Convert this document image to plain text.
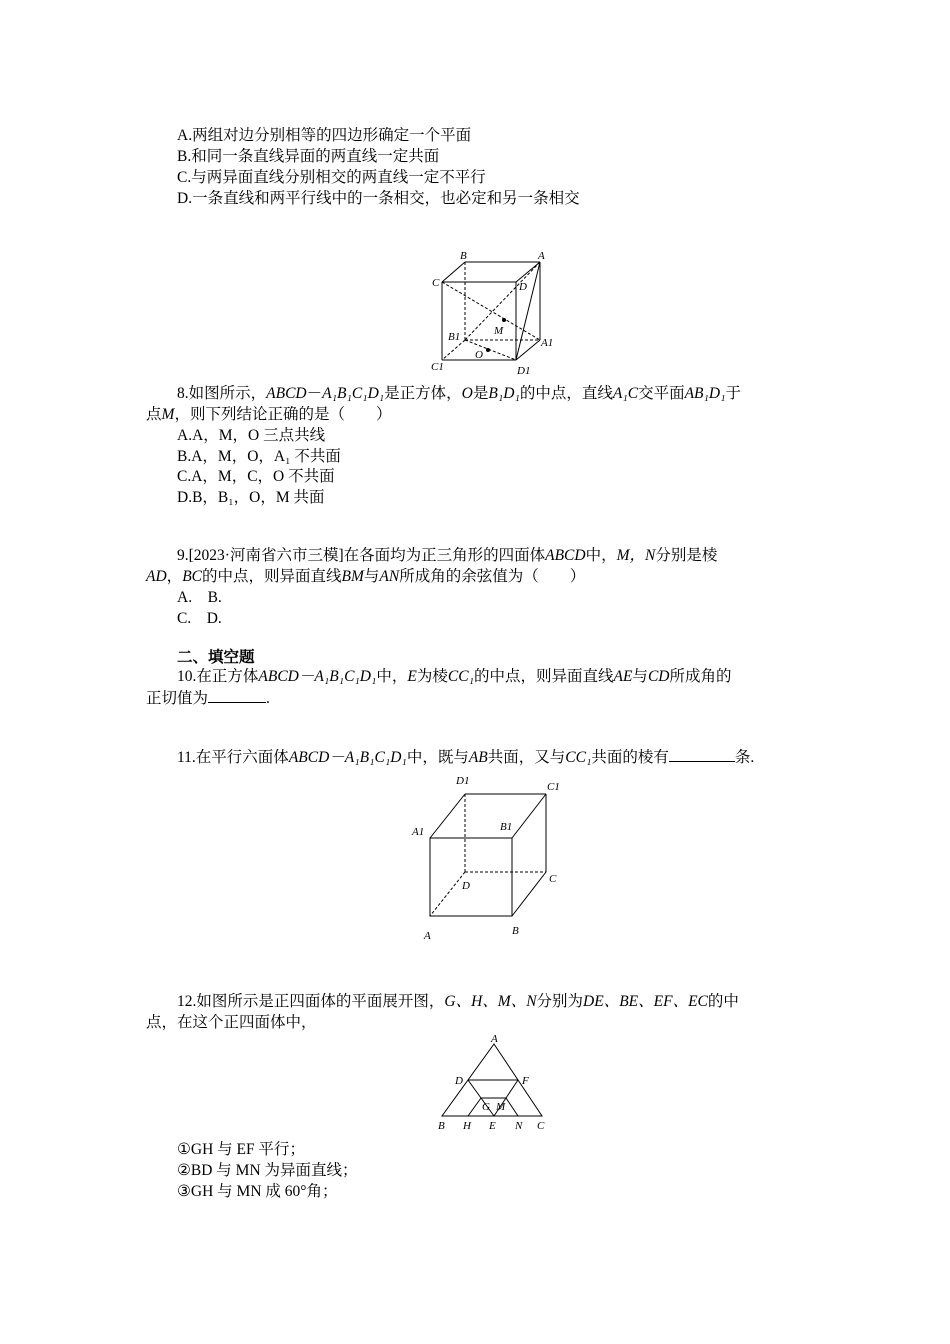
A.两组对边分别相等的四边形确定一个平面
B.和同一条直线异面的两直线一定共面
C.与两异面直线分别相交的两直线一定不平行
D.一条直线和两平行线中的一条相交，也必定和另一条相交
B	A
C	D
M
B1
O
A1
C1	D1
8.如图所示，ABCD－A₁B₁C₁D₁是正方体，O是B₁D₁的中点，直线A₁C交平面AB₁D₁于
点M，则下列结论正确的是（　　）
A.A，M，O 三点共线
B.A，M，O，A₁ 不共面
C.A，M，C，O 不共面
D.B，B₁，O，M 共面
9.[2023·河南省六市三模]在各面均为正三角形的四面体ABCD中，M，N分别是棱
AD，BC的中点，则异面直线BM与AN所成角的余弦值为（　　）
A.　B.
C.　D.
二、填空题
10.在正方体ABCD－A₁B₁C₁D₁中，E为棱CC₁的中点，则异面直线AE与CD所成角的
正切值为	.
11.在平行六面体ABCD－A₁B₁C₁D₁中，既与AB共面，又与CC₁共面的棱有	条.
D1	C1
A1	B1
D
C
A	B
12.如图所示是正四面体的平面展开图，G、H、M、N分别为DE、BE、EF、EC的中
点，在这个正四面体中，
A
D	F
G M
B H E N C
①GH 与 EF 平行；
②BD 与 MN 为异面直线；
③GH 与 MN 成 60°角；
